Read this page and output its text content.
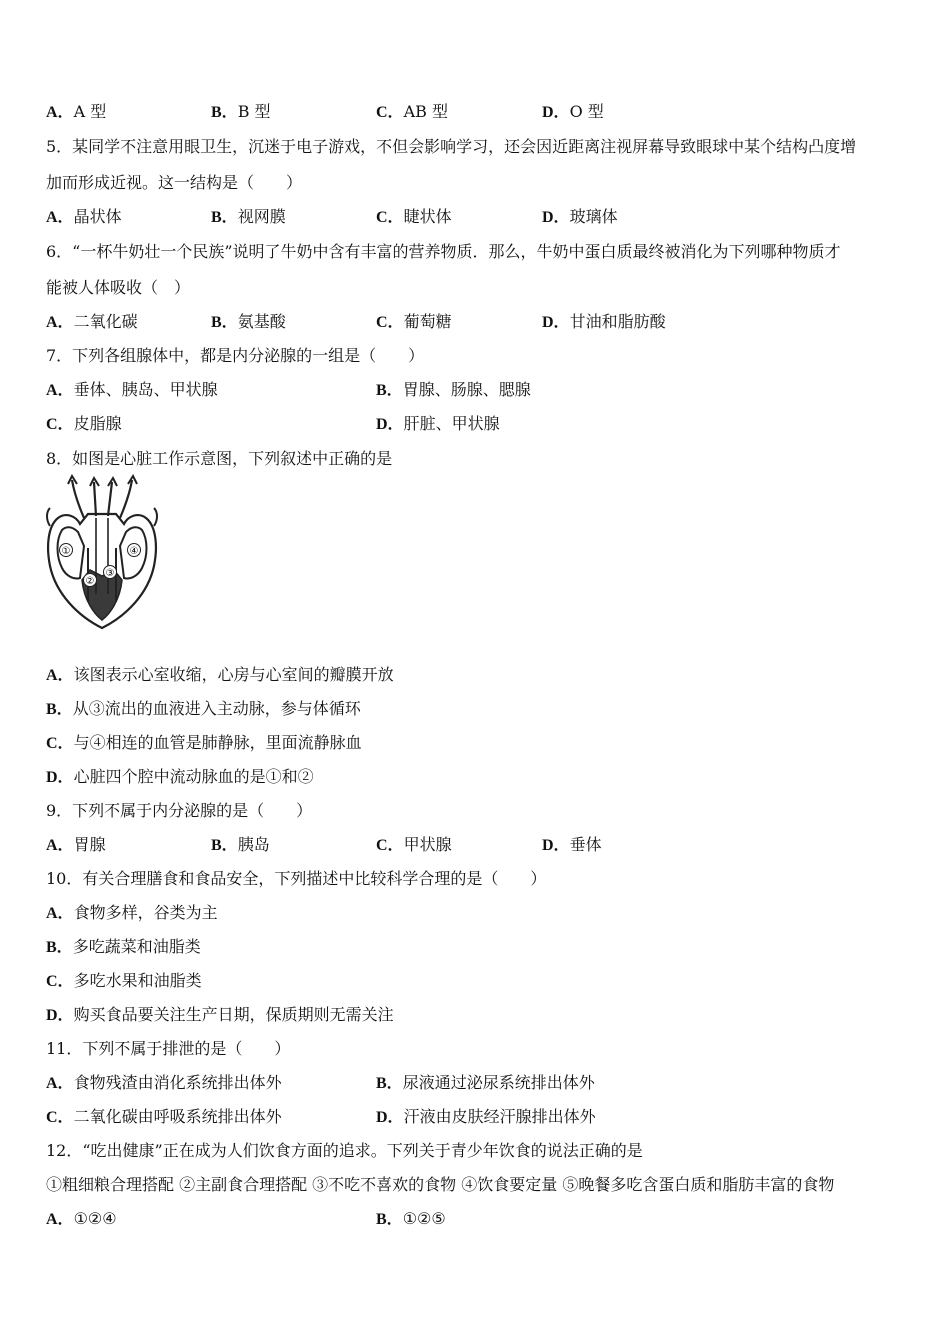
A．A 型	B．B 型	C．AB 型	D．O 型
5．某同学不注意用眼卫生，沉迷于电子游戏，不但会影响学习，还会因近距离注视屏幕导致眼球中某个结构凸度增
加而形成近视。这一结构是（　　）
A．晶状体	B．视网膜	C．睫状体	D．玻璃体
6．“一杯牛奶壮一个民族”说明了牛奶中含有丰富的营养物质．那么，牛奶中蛋白质最终被消化为下列哪种物质才
能被人体吸收（　）
A．二氧化碳	B．氨基酸	C．葡萄糖	D．甘油和脂肪酸
7．下列各组腺体中，都是内分泌腺的一组是（　　）
A．垂体、胰岛、甲状腺	B．胃腺、肠腺、腮腺
C．皮脂腺	D．肝脏、甲状腺
8．如图是心脏工作示意图，下列叙述中正确的是
①
②
③
④
A．该图表示心室收缩，心房与心室间的瓣膜开放
B．从③流出的血液进入主动脉，参与体循环
C．与④相连的血管是肺静脉，里面流静脉血
D．心脏四个腔中流动脉血的是①和②
9．下列不属于内分泌腺的是（　　）
A．胃腺	B．胰岛	C．甲状腺	D．垂体
10．有关合理膳食和食品安全，下列描述中比较科学合理的是（　　）
A．食物多样，谷类为主
B．多吃蔬菜和油脂类
C．多吃水果和油脂类
D．购买食品要关注生产日期，保质期则无需关注
11．下列不属于排泄的是（　　）
A．食物残渣由消化系统排出体外	B．尿液通过泌尿系统排出体外
C．二氧化碳由呼吸系统排出体外	D．汗液由皮肤经汗腺排出体外
12．“吃出健康”正在成为人们饮食方面的追求。下列关于青少年饮食的说法正确的是
①粗细粮合理搭配 ②主副食合理搭配 ③不吃不喜欢的食物 ④饮食要定量 ⑤晚餐多吃含蛋白质和脂肪丰富的食物
A．①②④	B．①②⑤
